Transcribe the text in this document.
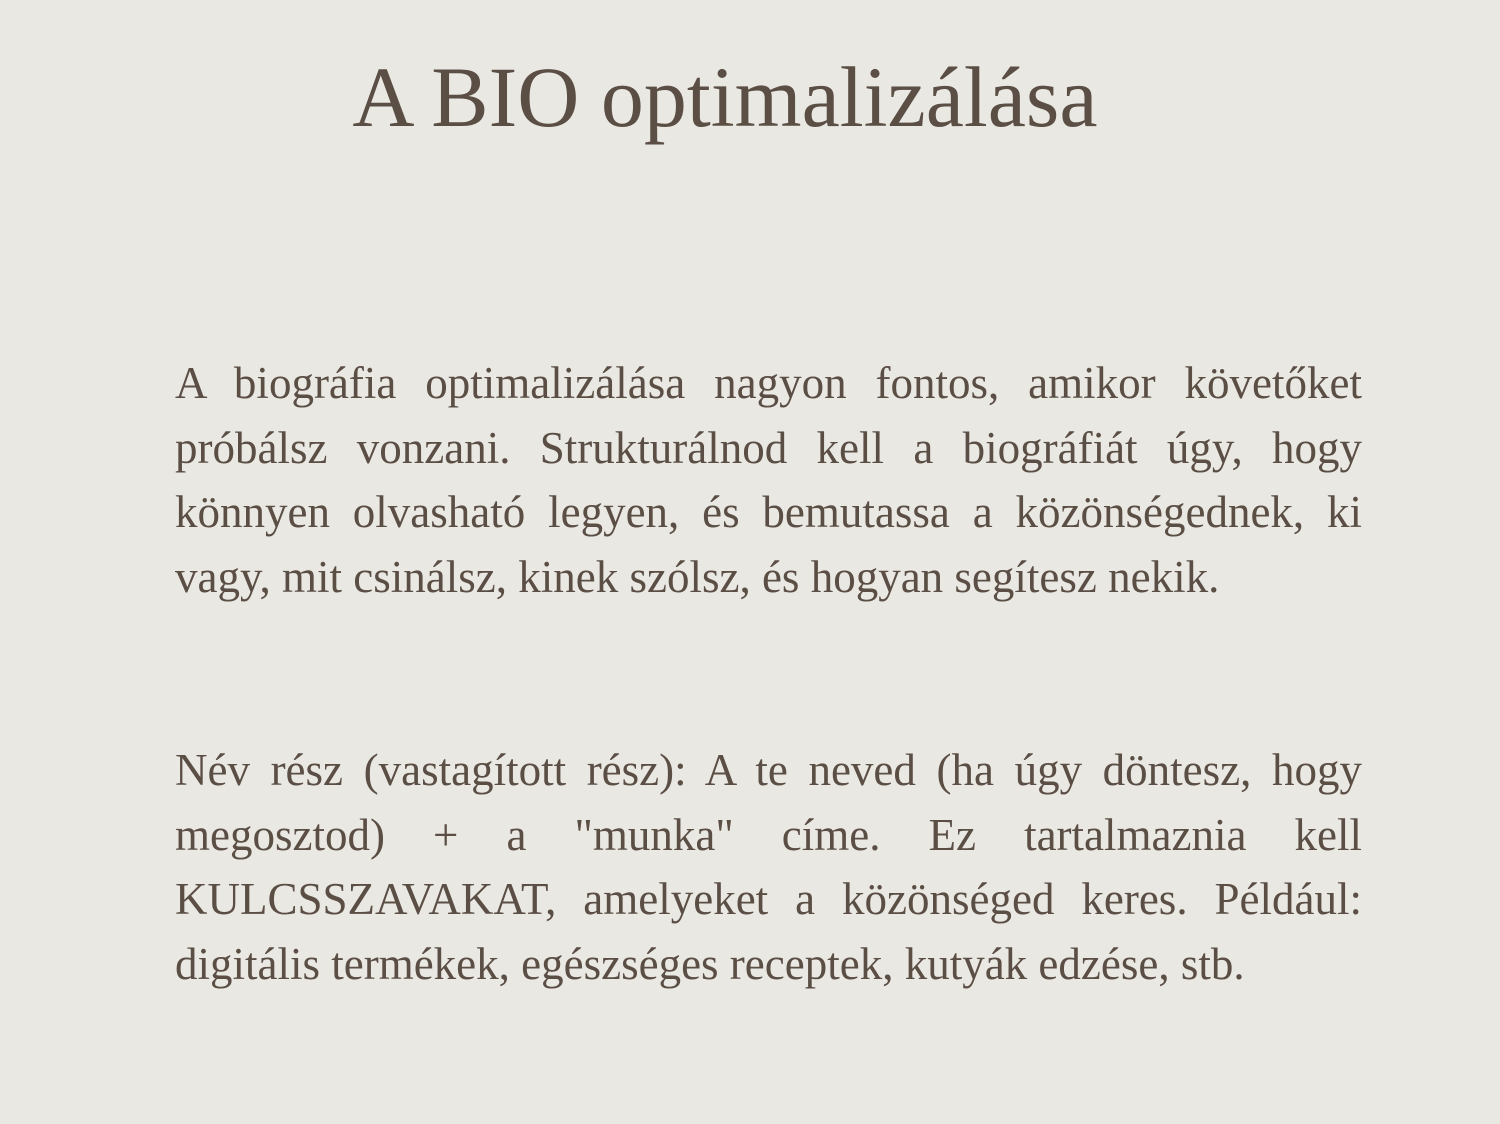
A BIO optimalizálása

A biográfia optimalizálása nagyon fontos, amikor követőket próbálsz vonzani. Strukturálnod kell a biográfiát úgy, hogy könnyen olvasható legyen, és bemutassa a közönségednek, ki vagy, mit csinálsz, kinek szólsz, és hogyan segítesz nekik.

Név rész (vastagított rész): A te neved (ha úgy döntesz, hogy megosztod) + a "munka" címe. Ez tartalmaznia kell KULCSSZAVAKAT, amelyeket a közönséged keres. Például: digitális termékek, egészséges receptek, kutyák edzése, stb.
